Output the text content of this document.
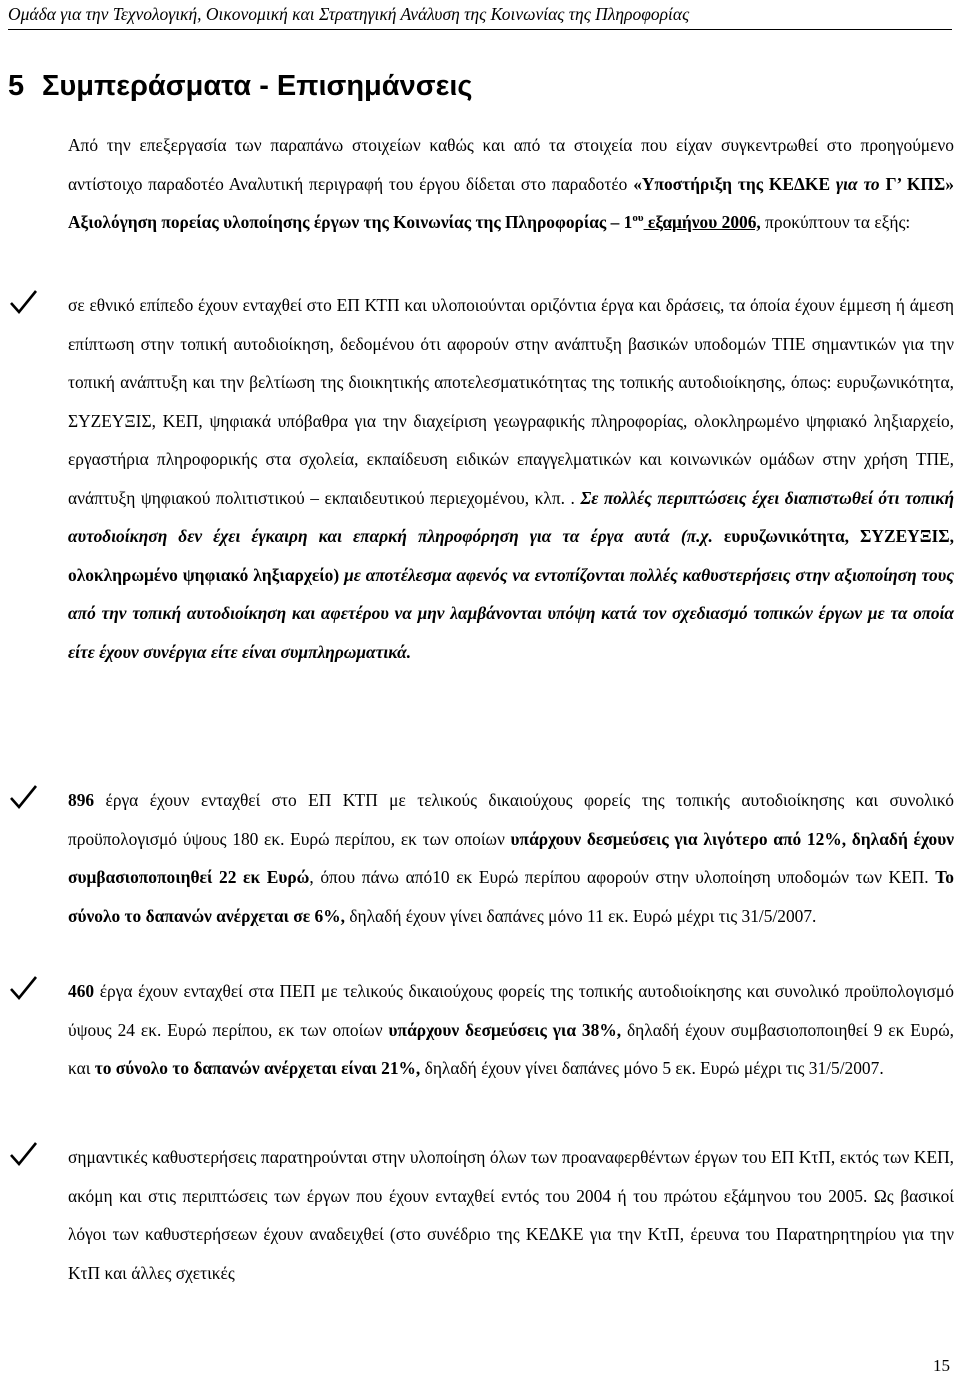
Ομάδα για την Τεχνολογική, Οικονομική και Στρατηγική Ανάλυση της Κοινωνίας της Πληροφορίας
5 Συμπεράσματα - Επισημάνσεις

Από την επεξεργασία των παραπάνω στοιχείων καθώς και από τα στοιχεία που είχαν συγκεντρωθεί στο προηγούμενο αντίστοιχο παραδοτέο Αναλυτική περιγραφή του έργου δίδεται στο παραδοτέο «Υποστήριξη της ΚΕΔΚΕ για το Γ’ ΚΠΣ» Αξιολόγηση πορείας υλοποίησης έργων της Κοινωνίας της Πληροφορίας – $1^{o\upsilon}$ εξαμήνου 2006, προκύπτουν τα εξής:

σε εθνικό επίπεδο έχουν ενταχθεί στο ΕΠ ΚΤΠ και υλοποιούνται οριζόντια έργα και δράσεις, τα όποία έχουν έμμεση ή άμεση επίπτωση στην τοπική αυτοδιοίκηση, δεδομένου ότι αφορούν στην ανάπτυξη βασικών υποδομών ΤΠΕ σημαντικών για την τοπική ανάπτυξη και την βελτίωση της διοικητικής αποτελεσματικότητας της τοπικής αυτοδιοίκησης, όπως: ευρυζωνικότητα, ΣΥΖΕΥΞΙΣ, ΚΕΠ, ψηφιακά υπόβαθρα για την διαχείριση γεωγραφικής πληροφορίας, ολοκληρωμένο ψηφιακό ληξιαρχείο, εργαστήρια πληροφορικής στα σχολεία, εκπαίδευση ειδικών επαγγελματικών και κοινωνικών ομάδων στην χρήση ΤΠΕ, ανάπτυξη ψηφιακού πολιτιστικού – εκπαιδευτικού περιεχομένου, κλπ. . Σε πολλές περιπτώσεις έχει διαπιστωθεί ότι τοπική αυτοδιοίκηση δεν έχει έγκαιρη και επαρκή πληροφόρηση για τα έργα αυτά (π.χ. ευρυζωνικότητα, ΣΥΖΕΥΞΙΣ, ολοκληρωμένο ψηφιακό ληξιαρχείο) με αποτέλεσμα αφενός να εντοπίζονται πολλές καθυστερήσεις στην αξιοποίηση τους από την τοπική αυτοδιοίκηση και αφετέρου να μην λαμβάνονται υπόψη κατά τον σχεδιασμό τοπικών έργων με τα οποία είτε έχουν συνέργια είτε είναι συμπληρωματικά.
896 έργα έχουν ενταχθεί στο ΕΠ ΚΤΠ με τελικούς δικαιούχους φορείς της τοπικής αυτοδιοίκησης και συνολικό προϋπολογισμό ύψους 180 εκ. Ευρώ περίπου, εκ των οποίων υπάρχουν δεσμεύσεις για λιγότερο από 12%, δηλαδή έχουν συμβασιοποποιηθεί 22 εκ Ευρώ, όπου πάνω από10 εκ Ευρώ περίπου αφορούν στην υλοποίηση υποδομών των ΚΕΠ. Το σύνολο το δαπανών ανέρχεται σε 6%, δηλαδή έχουν γίνει δαπάνες μόνο 11 εκ. Ευρώ μέχρι τις 31/5/2007.
460 έργα έχουν ενταχθεί στα ΠΕΠ με τελικούς δικαιούχους φορείς της τοπικής αυτοδιοίκησης και συνολικό προϋπολογισμό ύψους 24 εκ. Ευρώ περίπου, εκ των οποίων υπάρχουν δεσμεύσεις για 38%, δηλαδή έχουν συμβασιοποποιηθεί 9 εκ Ευρώ, και το σύνολο το δαπανών ανέρχεται είναι 21%, δηλαδή έχουν γίνει δαπάνες μόνο 5 εκ. Ευρώ μέχρι τις 31/5/2007.
σημαντικές καθυστερήσεις παρατηρούνται στην υλοποίηση όλων των προαναφερθέντων έργων του ΕΠ ΚτΠ, εκτός των ΚΕΠ, ακόμη και στις περιπτώσεις των έργων που έχουν ενταχθεί εντός του 2004 ή του πρώτου εξάμηνου του 2005. Ως βασικοί λόγοι των καθυστερήσεων έχουν αναδειχθεί (στο συνέδριο της ΚΕΔΚΕ για την ΚτΠ, έρευνα του Παρατηρητηρίου για την ΚτΠ και άλλες σχετικές
15
